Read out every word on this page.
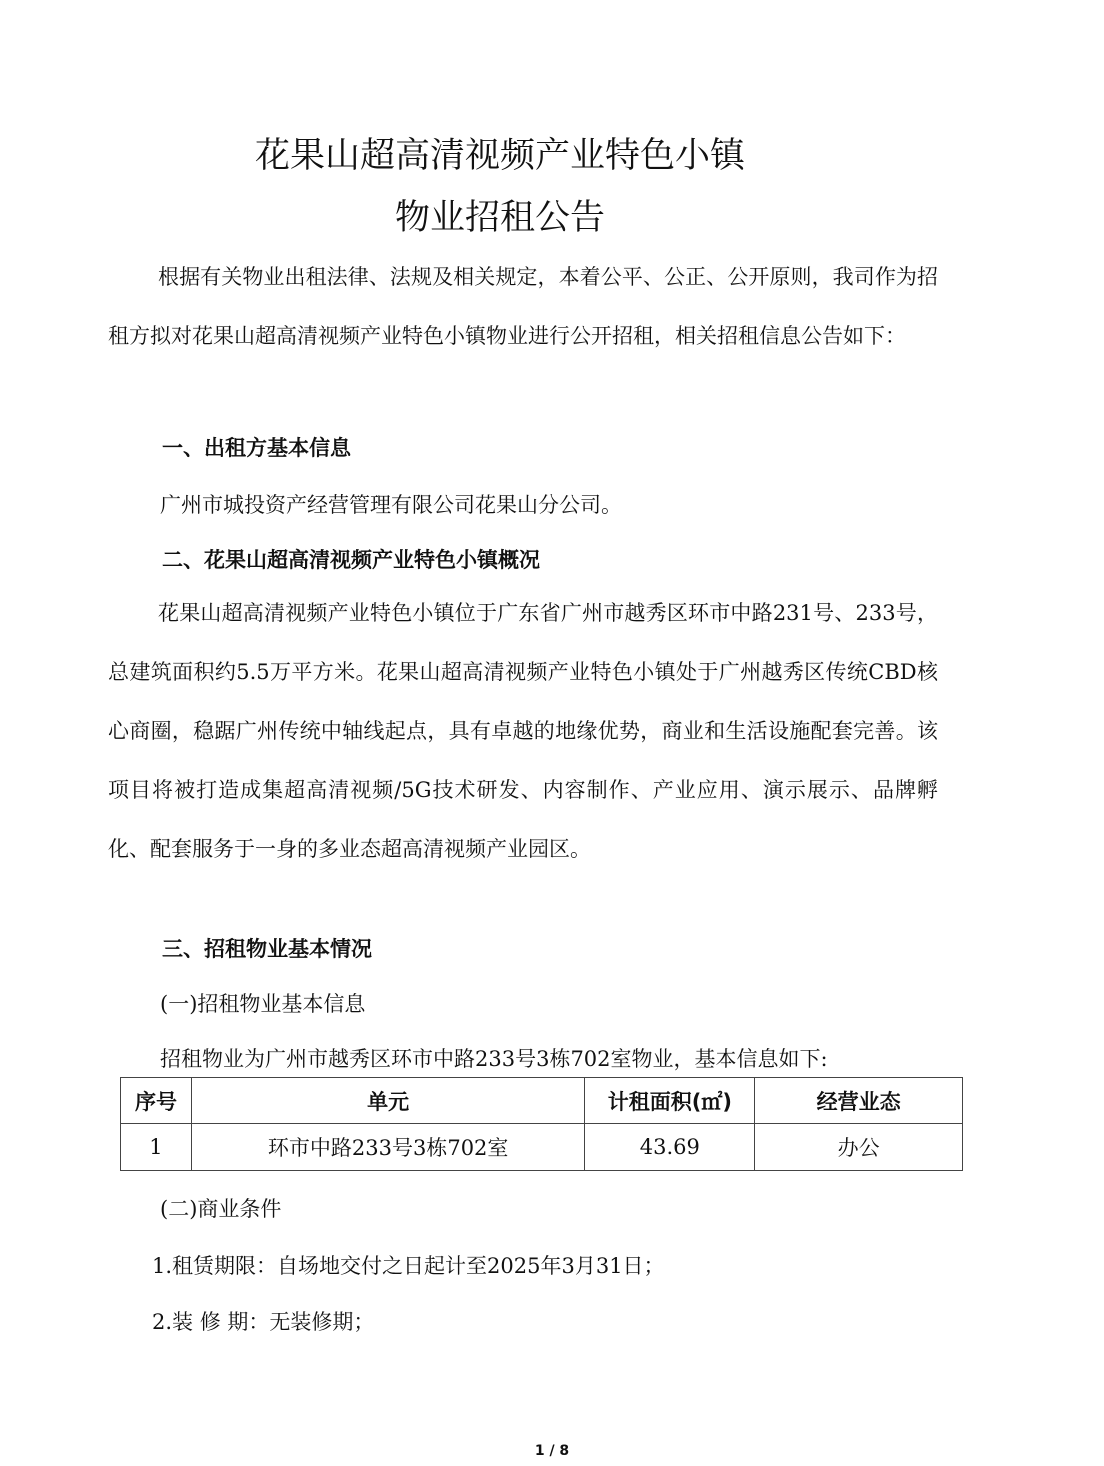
花果山超高清视频产业特色小镇
物业招租公告
根据有关物业出租法律、法规及相关规定，本着公平、公正、公开原则，我司作为招租方拟对花果山超高清视频产业特色小镇物业进行公开招租，相关招租信息公告如下：
一、出租方基本信息
广州市城投资产经营管理有限公司花果山分公司。
二、花果山超高清视频产业特色小镇概况
花果山超高清视频产业特色小镇位于广东省广州市越秀区环市中路231号、233号，总建筑面积约5.5万平方米。花果山超高清视频产业特色小镇处于广州越秀区传统CBD核心商圈，稳踞广州传统中轴线起点，具有卓越的地缘优势，商业和生活设施配套完善。该项目将被打造成集超高清视频/5G技术研发、内容制作、产业应用、演示展示、品牌孵化、配套服务于一身的多业态超高清视频产业园区。
三、招租物业基本情况
(一)招租物业基本信息
招租物业为广州市越秀区环市中路233号3栋702室物业，基本信息如下:
序号	单元	计租面积(㎡)	经营业态
1	环市中路233号3栋702室	43.69	办公
(二)商业条件
1.租赁期限：自场地交付之日起计至2025年3月31日；
2.装 修 期：无装修期；
1 / 8
